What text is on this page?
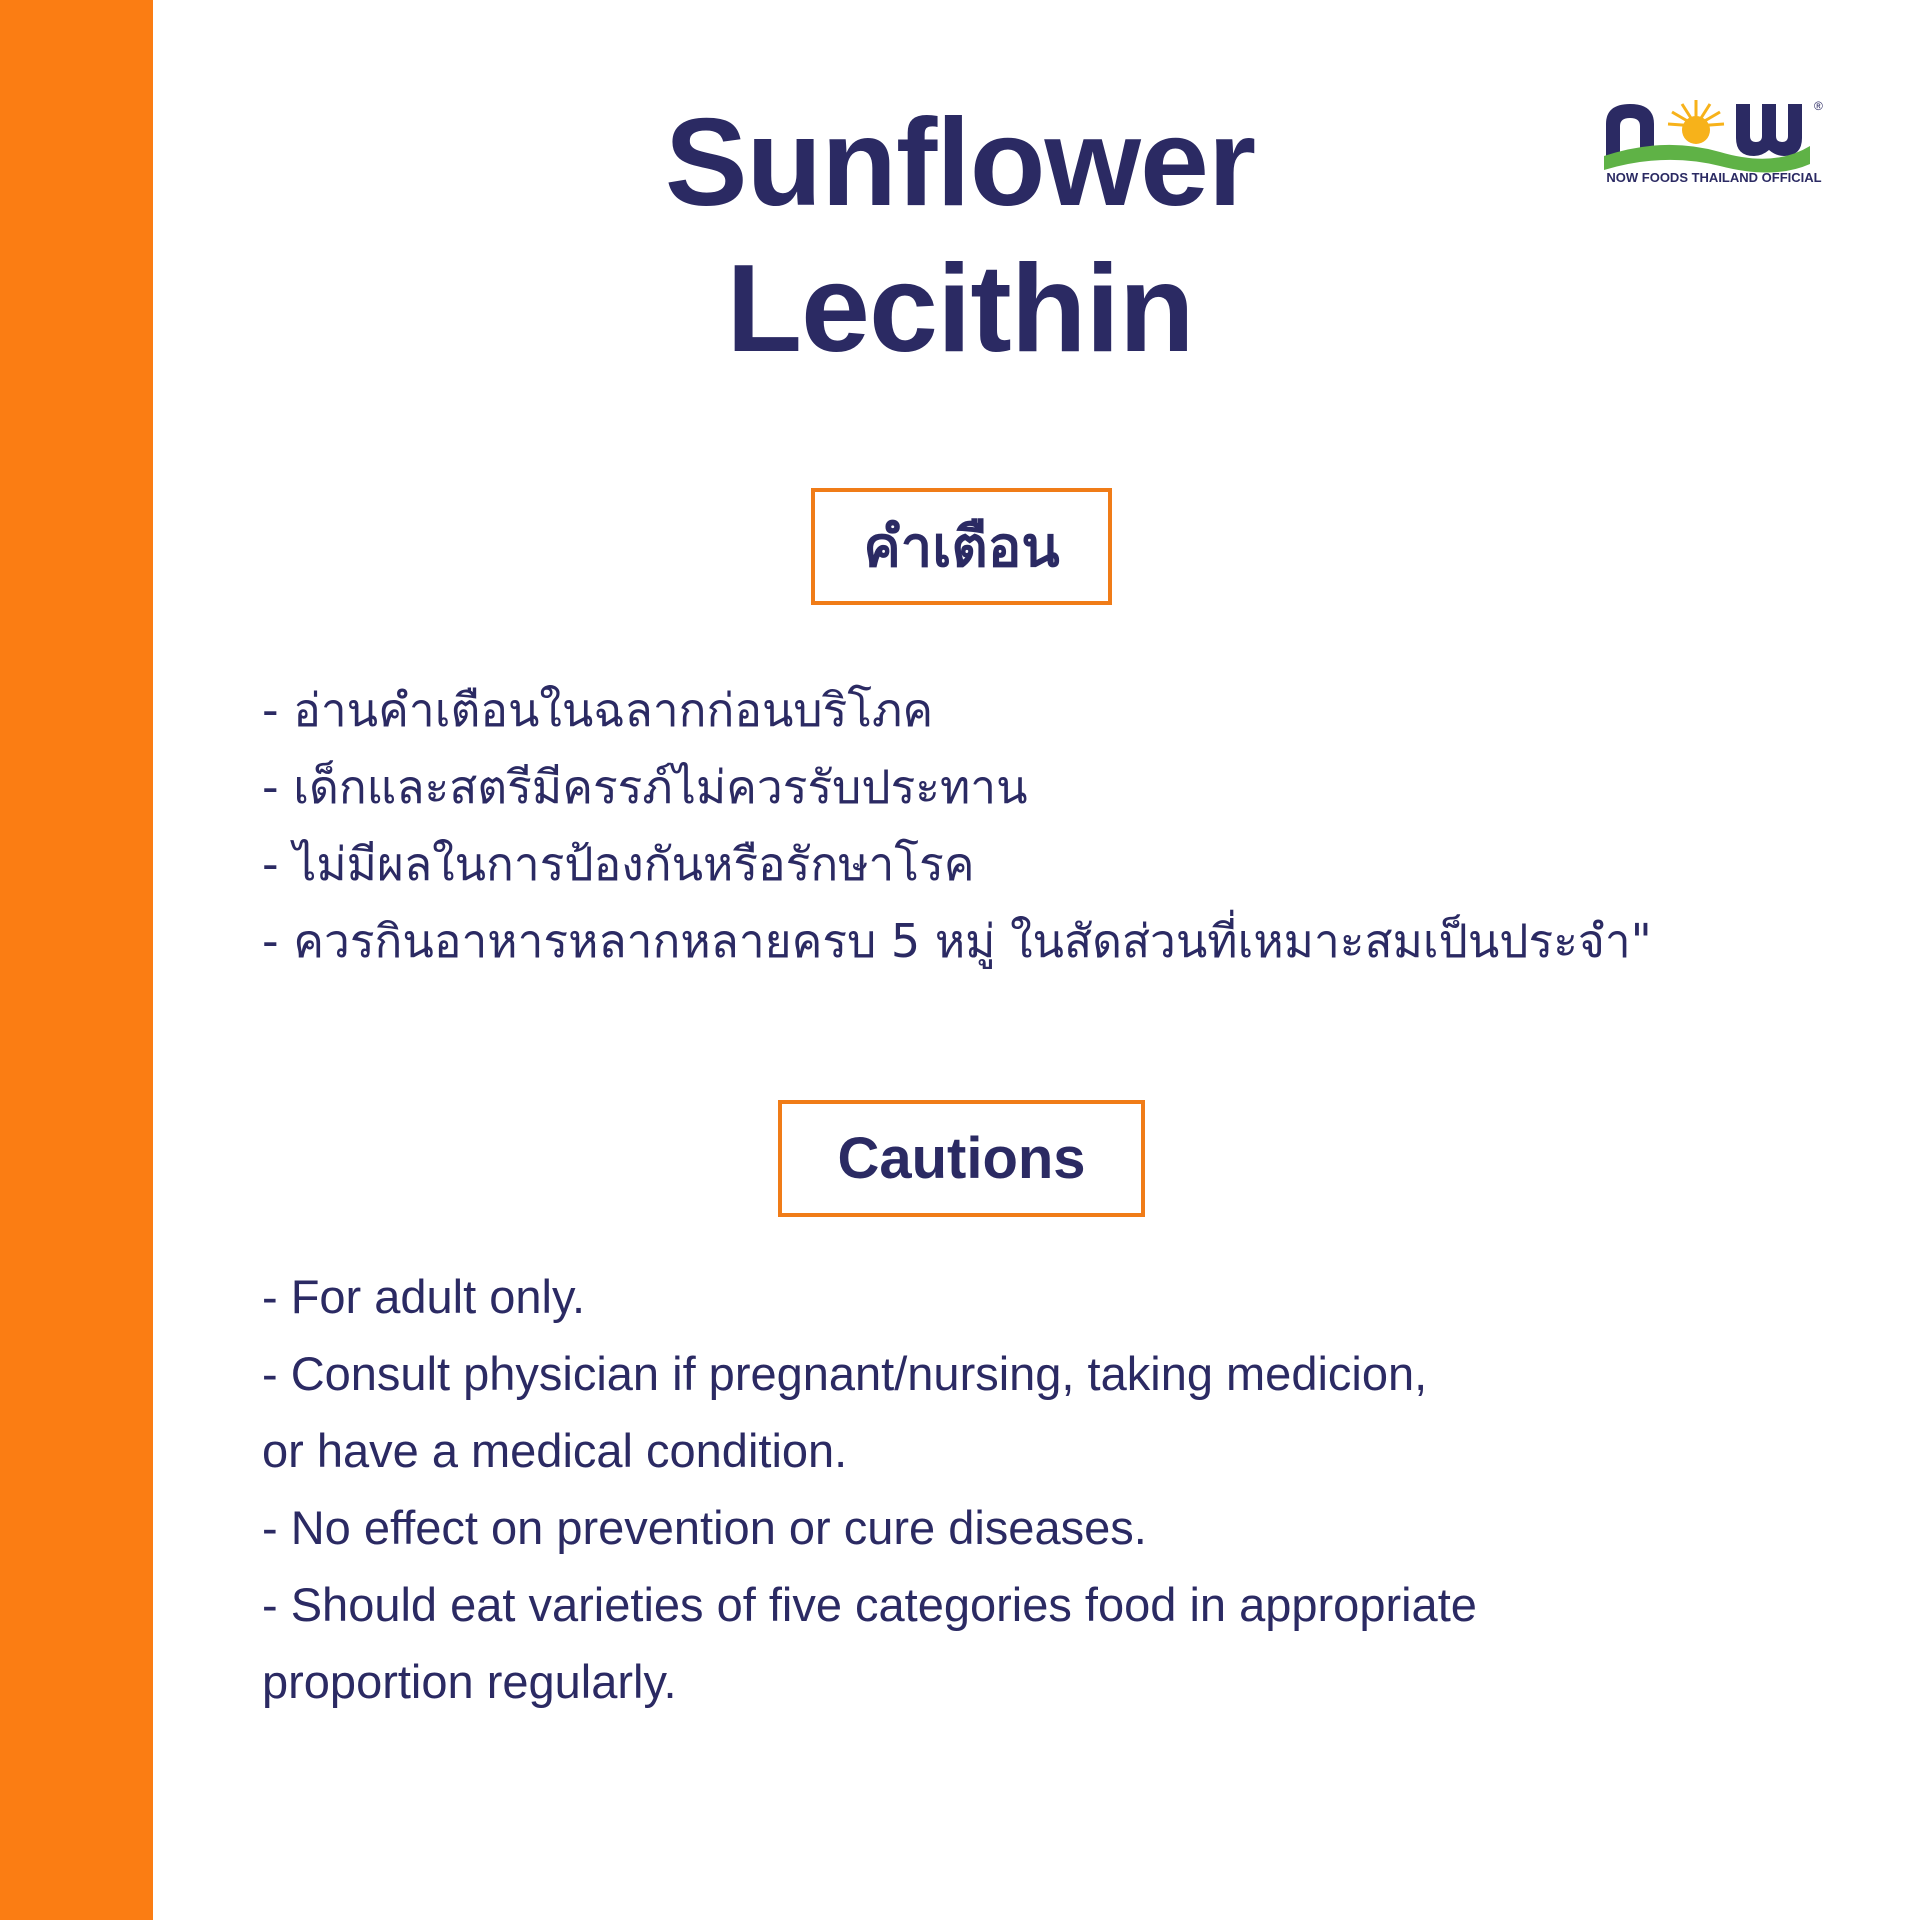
Sunflower
Lecithin
®
NOW FOODS THAILAND OFFICIAL
คำเตือน
- อ่านคำเตือนในฉลากก่อนบริโภค
- เด็กและสตรีมีครรภ์ไม่ควรรับประทาน
- ไม่มีผลในการป้องกันหรือรักษาโรค
- ควรกินอาหารหลากหลายครบ 5 หมู่ ในสัดส่วนที่เหมาะสมเป็นประจำ"
Cautions
- For adult only.
- Consult physician if pregnant/nursing, taking medicion,
or have a medical condition.
- No effect on prevention or cure diseases.
- Should eat varieties of five categories food in appropriate
proportion regularly.
